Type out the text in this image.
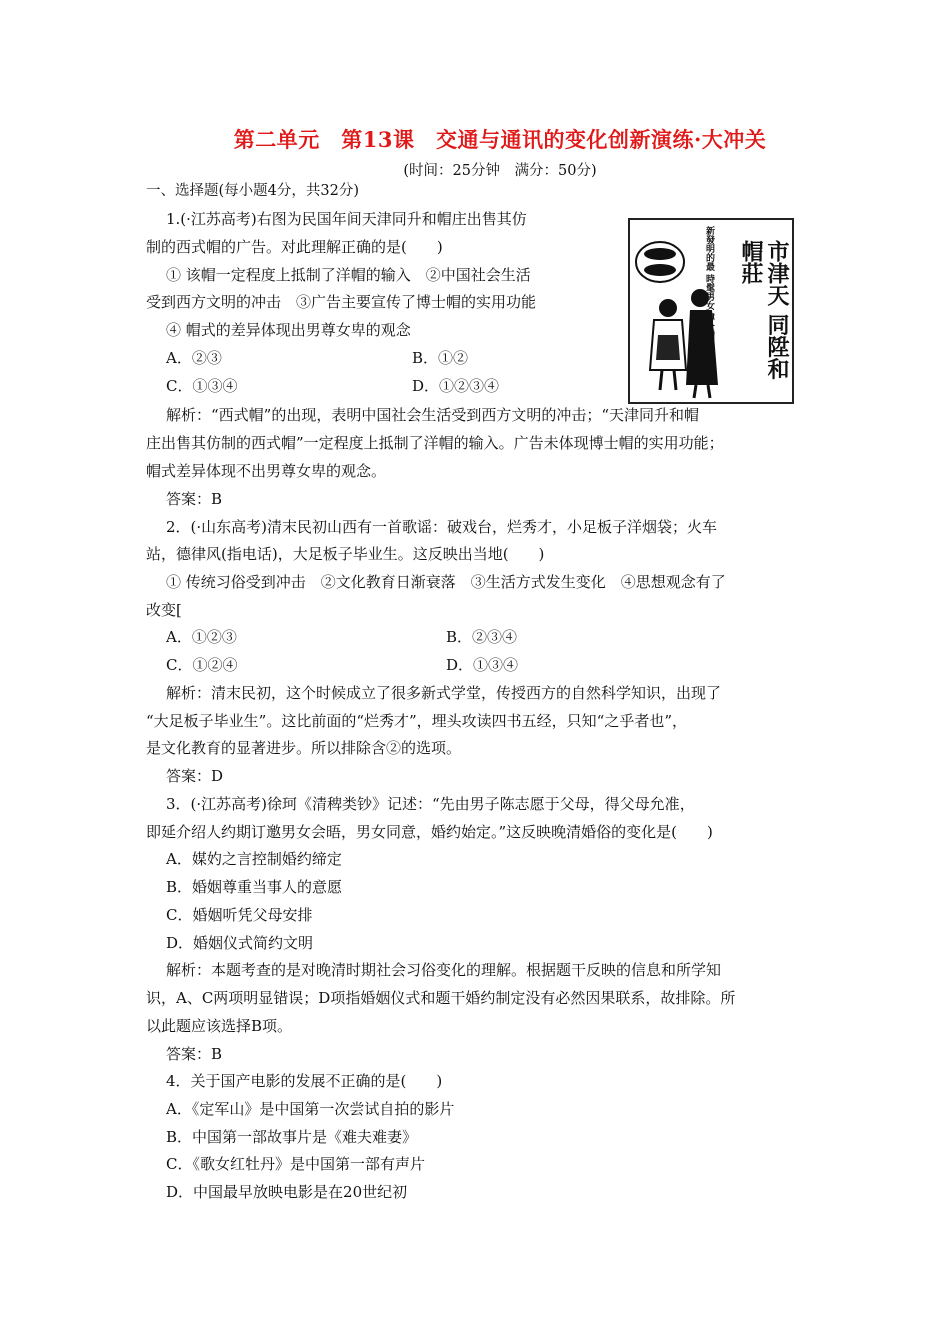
第二单元　第13课　交通与通讯的变化创新演练·大冲关
(时间：25分钟　满分：50分)
一、选择题(每小题4分，共32分)
1.(·江苏高考)右图为民国年间天津同升和帽庄出售其仿
制的西式帽的广告。对此理解正确的是(　　)
① 该帽一定程度上抵制了洋帽的输入　②中国社会生活
受到西方文明的冲击　③广告主要宣传了博士帽的实用功能
④ 帽式的差异体现出男尊女卑的观念
A．②③	B．①②
C．①③④	D．①②③④
新發明的最 時髦男女 博士帽	市津天 同陞和帽莊
解析：“西式帽”的出现，表明中国社会生活受到西方文明的冲击；“天津同升和帽
庄出售其仿制的西式帽”一定程度上抵制了洋帽的输入。广告未体现博士帽的实用功能；
帽式差异体现不出男尊女卑的观念。
答案：B
2．(·山东高考)清末民初山西有一首歌谣：破戏台，烂秀才，小足板子洋烟袋；火车
站，德律风(指电话)，大足板子毕业生。这反映出当地(　　)
① 传统习俗受到冲击　②文化教育日渐衰落　③生活方式发生变化　④思想观念有了
改变[
A．①②③	B．②③④
C．①②④	D．①③④
解析：清末民初，这个时候成立了很多新式学堂，传授西方的自然科学知识，出现了
“大足板子毕业生”。这比前面的“烂秀才”，埋头攻读四书五经，只知“之乎者也”，
是文化教育的显著进步。所以排除含②的选项。
答案：D
3．(·江苏高考)徐珂《清稗类钞》记述：“先由男子陈志愿于父母，得父母允准，
即延介绍人约期订邀男女会晤，男女同意，婚约始定。”这反映晚清婚俗的变化是(　　)
A．媒妁之言控制婚约缔定
B．婚姻尊重当事人的意愿
C．婚姻听凭父母安排
D．婚姻仪式简约文明
解析：本题考查的是对晚清时期社会习俗变化的理解。根据题干反映的信息和所学知
识，A、C两项明显错误；D项指婚姻仪式和题干婚约制定没有必然因果联系，故排除。所
以此题应该选择B项。
答案：B
4．关于国产电影的发展不正确的是(　　)
A．《定军山》是中国第一次尝试自拍的影片
B．中国第一部故事片是《难夫难妻》
C．《歌女红牡丹》是中国第一部有声片
D．中国最早放映电影是在20世纪初
